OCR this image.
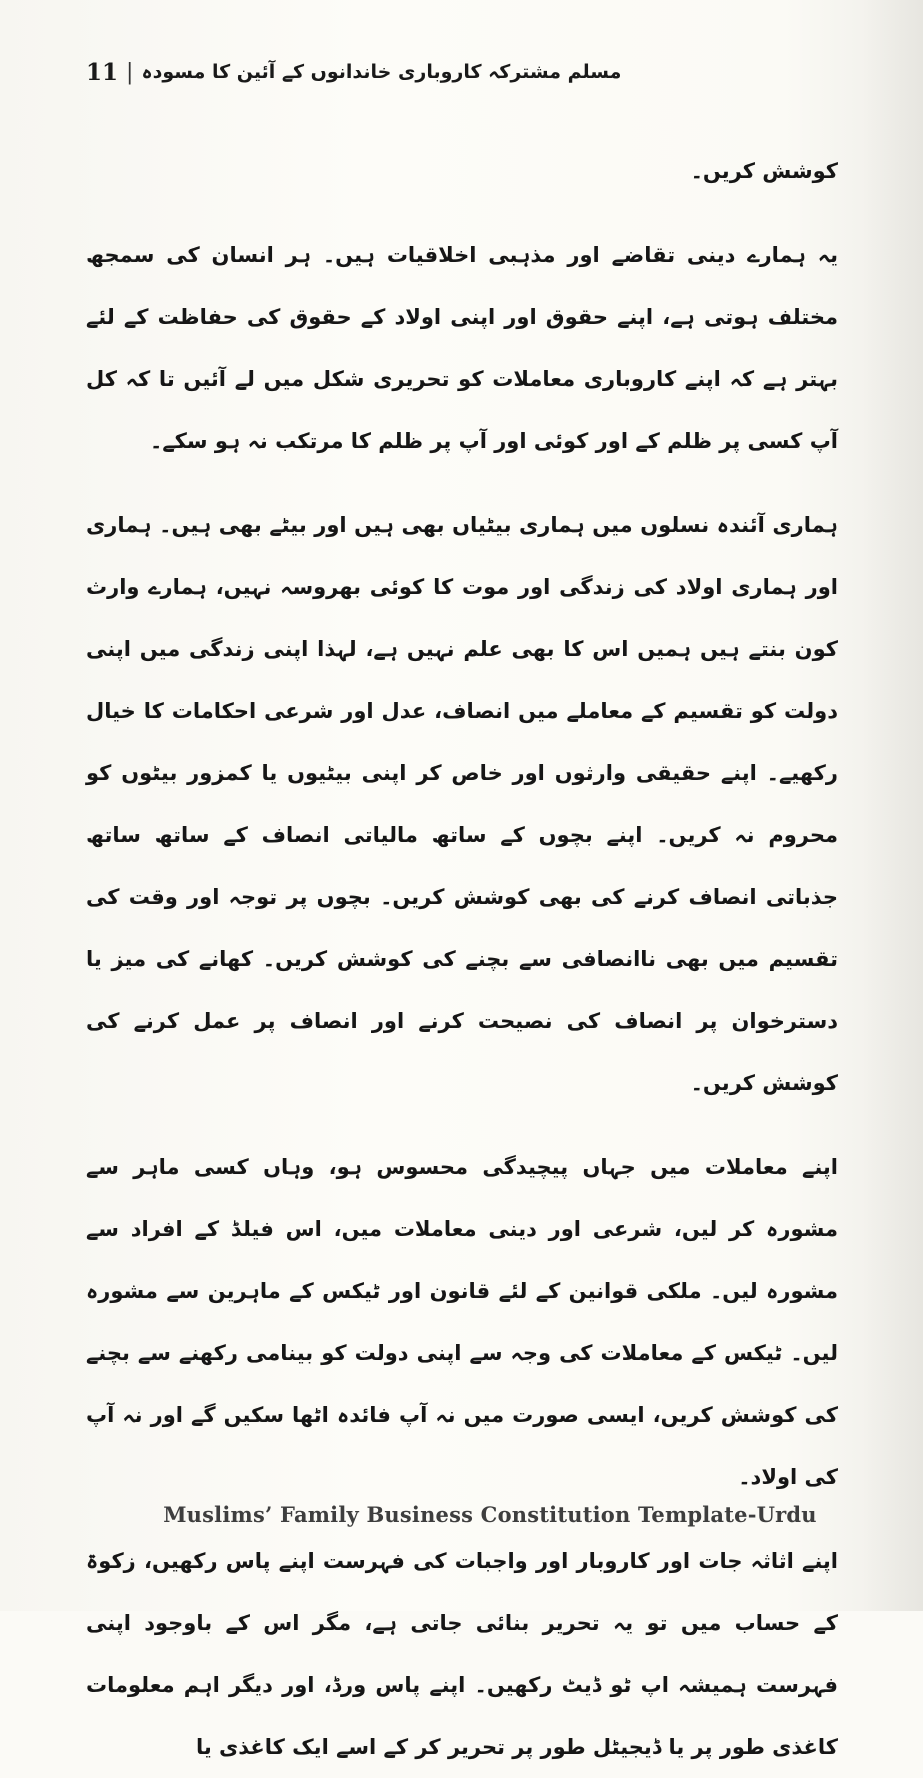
11 | مسلم مشترکہ کاروباری خاندانوں کے آئین کا مسودہ

کوشش کریں۔

یہ ہمارے دینی تقاضے اور مذہبی اخلاقیات ہیں۔ ہر انسان کی سمجھ مختلف ہوتی ہے، اپنے حقوق اور اپنی اولاد کے حقوق کی حفاظت کے لئے بہتر ہے کہ اپنے کاروباری معاملات کو تحریری شکل میں لے آئیں تا کہ کل آپ کسی پر ظلم کے اور کوئی اور آپ پر ظلم کا مرتکب نہ ہو سکے۔

ہماری آئندہ نسلوں میں ہماری بیٹیاں بھی ہیں اور بیٹے بھی ہیں۔ ہماری اور ہماری اولاد کی زندگی اور موت کا کوئی بھروسہ نہیں، ہمارے وارث کون بنتے ہیں ہمیں اس کا بھی علم نہیں ہے، لہذا اپنی زندگی میں اپنی دولت کو تقسیم کے معاملے میں انصاف، عدل اور شرعی احکامات کا خیال رکھیے۔ اپنے حقیقی وارثوں اور خاص کر اپنی بیٹیوں یا کمزور بیٹوں کو محروم نہ کریں۔ اپنے بچوں کے ساتھ مالیاتی انصاف کے ساتھ ساتھ جذباتی انصاف کرنے کی بھی کوشش کریں۔ بچوں پر توجہ اور وقت کی تقسیم میں بھی ناانصافی سے بچنے کی کوشش کریں۔ کھانے کی میز یا دسترخوان پر انصاف کی نصیحت کرنے اور انصاف پر عمل کرنے کی کوشش کریں۔

اپنے معاملات میں جہاں پیچیدگی محسوس ہو، وہاں کسی ماہر سے مشورہ کر لیں، شرعی اور دینی معاملات میں، اس فیلڈ کے افراد سے مشورہ لیں۔ ملکی قوانین کے لئے قانون اور ٹیکس کے ماہرین سے مشورہ لیں۔ ٹیکس کے معاملات کی وجہ سے اپنی دولت کو بینامی رکھنے سے بچنے کی کوشش کریں، ایسی صورت میں نہ آپ فائدہ اٹھا سکیں گے اور نہ آپ کی اولاد۔

اپنے اثاثہ جات اور کاروبار اور واجبات کی فہرست اپنے پاس رکھیں، زکوۃ کے حساب میں تو یہ تحریر بنائی جاتی ہے، مگر اس کے باوجود اپنی فہرست ہمیشہ اپ ٹو ڈیٹ رکھیں۔ اپنے پاس ورڈ، اور دیگر اہم معلومات کاغذی طور پر یا ڈیجیٹل طور پر تحریر کر کے اسے ایک کاغذی یا

Muslims’ Family Business Constitution Template-Urdu
